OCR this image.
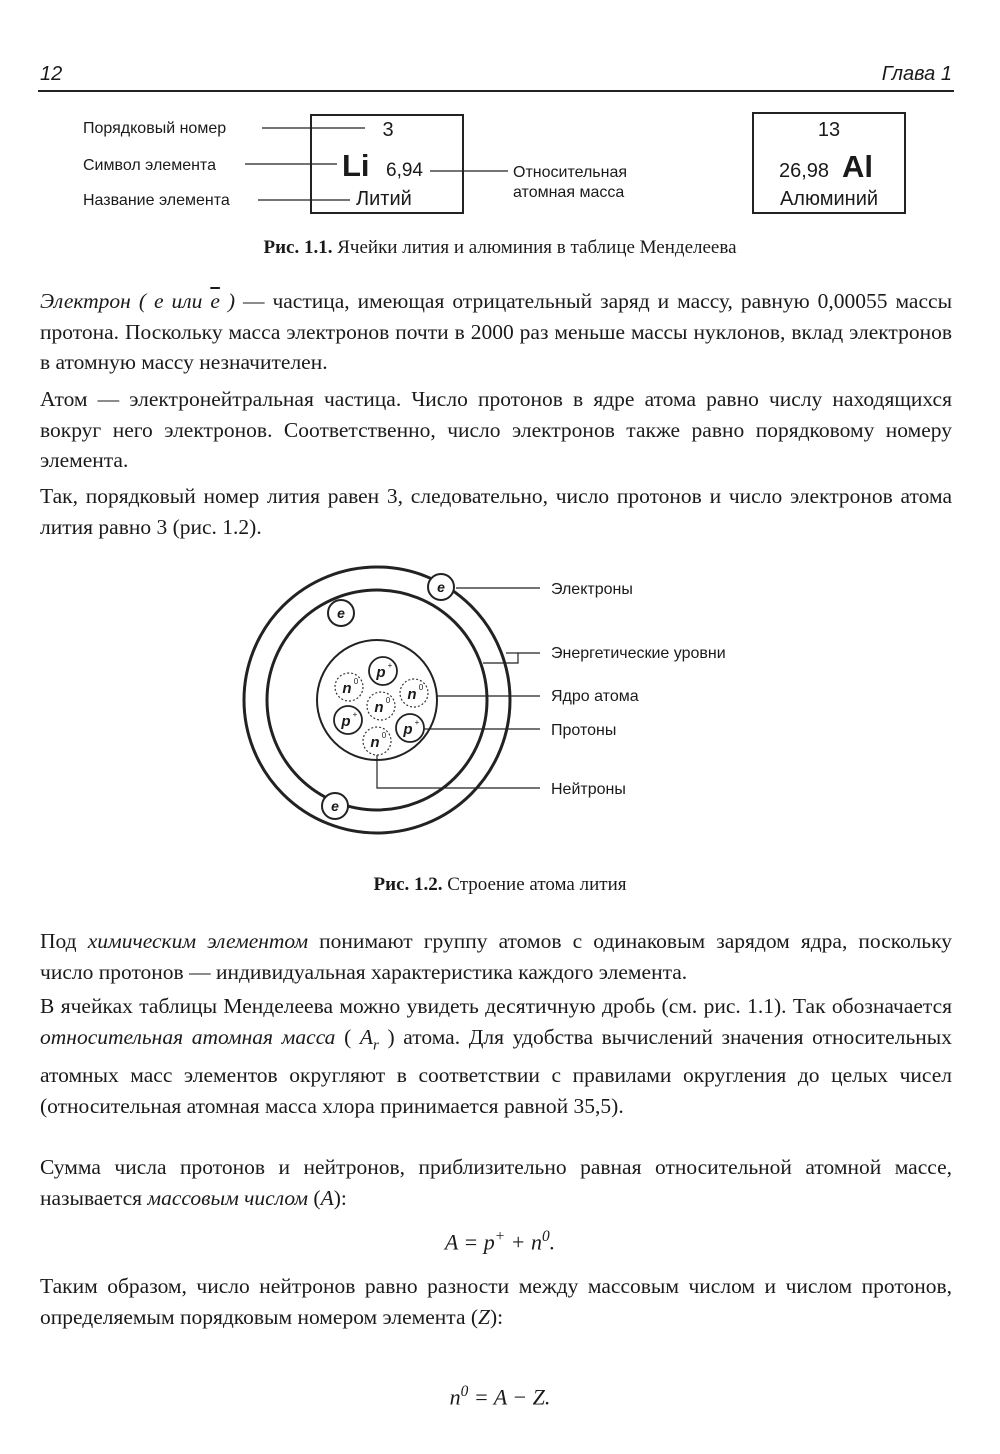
12	Глава 1
Порядковый номер
Символ элемента
Название элемента
3
Li 6,94
Литий
Относительная
атомная масса
13
26,98 Al
Алюминий
Рис. 1.1. Ячейки лития и алюминия в таблице Менделеева

Электрон ( e или $\overline{e}$ ) — частица, имеющая отрицательный заряд и массу, равную 0,00055 массы протона. Поскольку масса электронов почти в 2000 раз меньше массы нуклонов, вклад электронов в атомную массу незначителен.

Атом — электронейтральная частица. Число протонов в ядре атома равно числу находящихся вокруг него электронов. Соответственно, число электронов также равно порядковому номеру элемента.

Так, порядковый номер лития равен 3, следовательно, число протонов и число электронов атома лития равно 3 (рис. 1.2).

e
e
e
p +
p +
p +
n 0
n 0 n 0
n 0
Электроны
Энергетические уровни
Ядро атома
Протоны
Нейтроны
Рис. 1.2. Строение атома лития

Под химическим элементом понимают группу атомов с одинаковым зарядом ядра, поскольку число протонов — индивидуальная характеристика каждого элемента.

В ячейках таблицы Менделеева можно увидеть десятичную дробь (см. рис. 1.1). Так обозначается относительная атомная масса ( $A_r$ ) атома. Для удобства вычислений значения относительных атомных масс элементов округляют в соответствии с правилами округления до целых чисел (относительная атомная масса хлора принимается равной 35,5).

Сумма числа протонов и нейтронов, приблизительно равная относительной атомной массе, называется массовым числом (A):

$A = p^+ + n^0$.

Таким образом, число нейтронов равно разности между массовым числом и числом протонов, определяемым порядковым номером элемента (Z):

$n^0 = A - Z$.
